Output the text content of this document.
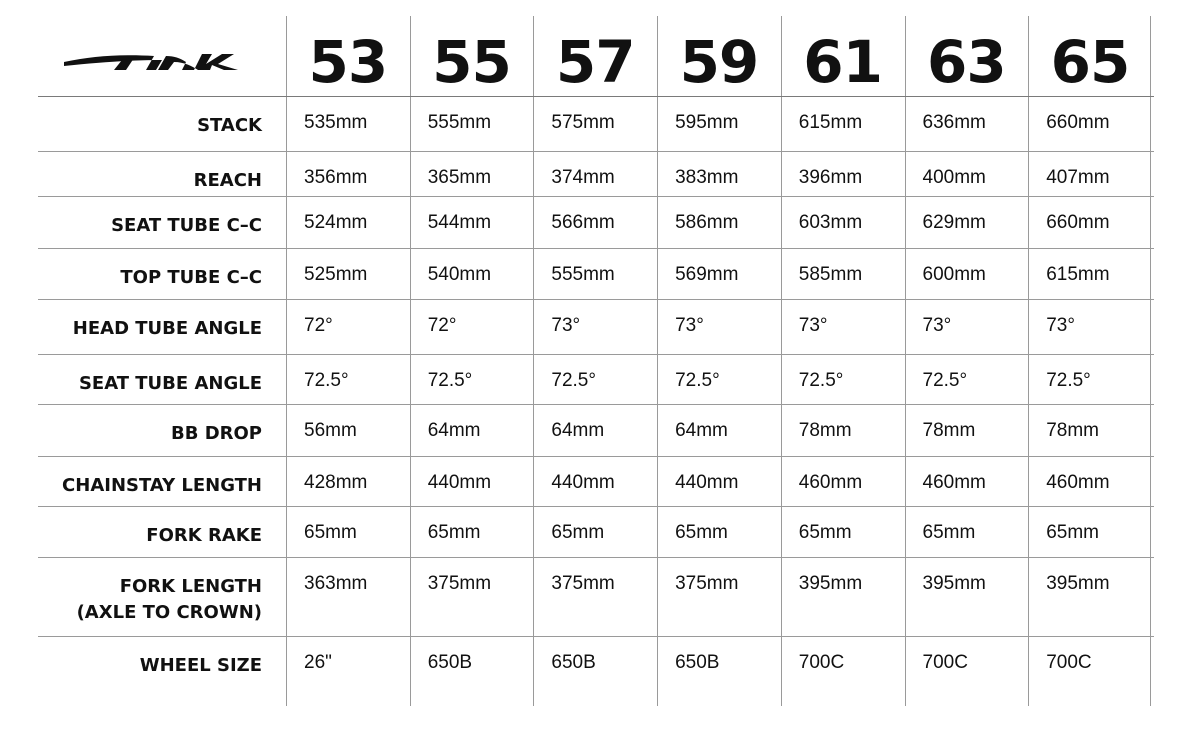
53 55 57 59 61 63 65
STACK 535mm	555mm	575mm	595mm	615mm	636mm	660mm
REACH 356mm	365mm	374mm	383mm	396mm	400mm	407mm
SEAT TUBE C–C 524mm	544mm	566mm	586mm	603mm	629mm	660mm
TOP TUBE C–C 525mm	540mm	555mm	569mm	585mm	600mm	615mm
HEAD TUBE ANGLE 72°	72°	73°	73°	73°	73°	73°
SEAT TUBE ANGLE 72.5°	72.5°	72.5°	72.5°	72.5°	72.5°	72.5°
BB DROP 56mm	64mm	64mm	64mm	78mm	78mm	78mm
CHAINSTAY LENGTH 428mm	440mm	440mm	440mm	460mm	460mm	460mm
FORK RAKE 65mm	65mm	65mm	65mm	65mm	65mm	65mm
FORK LENGTH
(AXLE TO CROWN)
363mm	375mm	375mm	375mm	395mm	395mm	395mm
WHEEL SIZE 26"	650B	650B	650B	700C	700C	700C
